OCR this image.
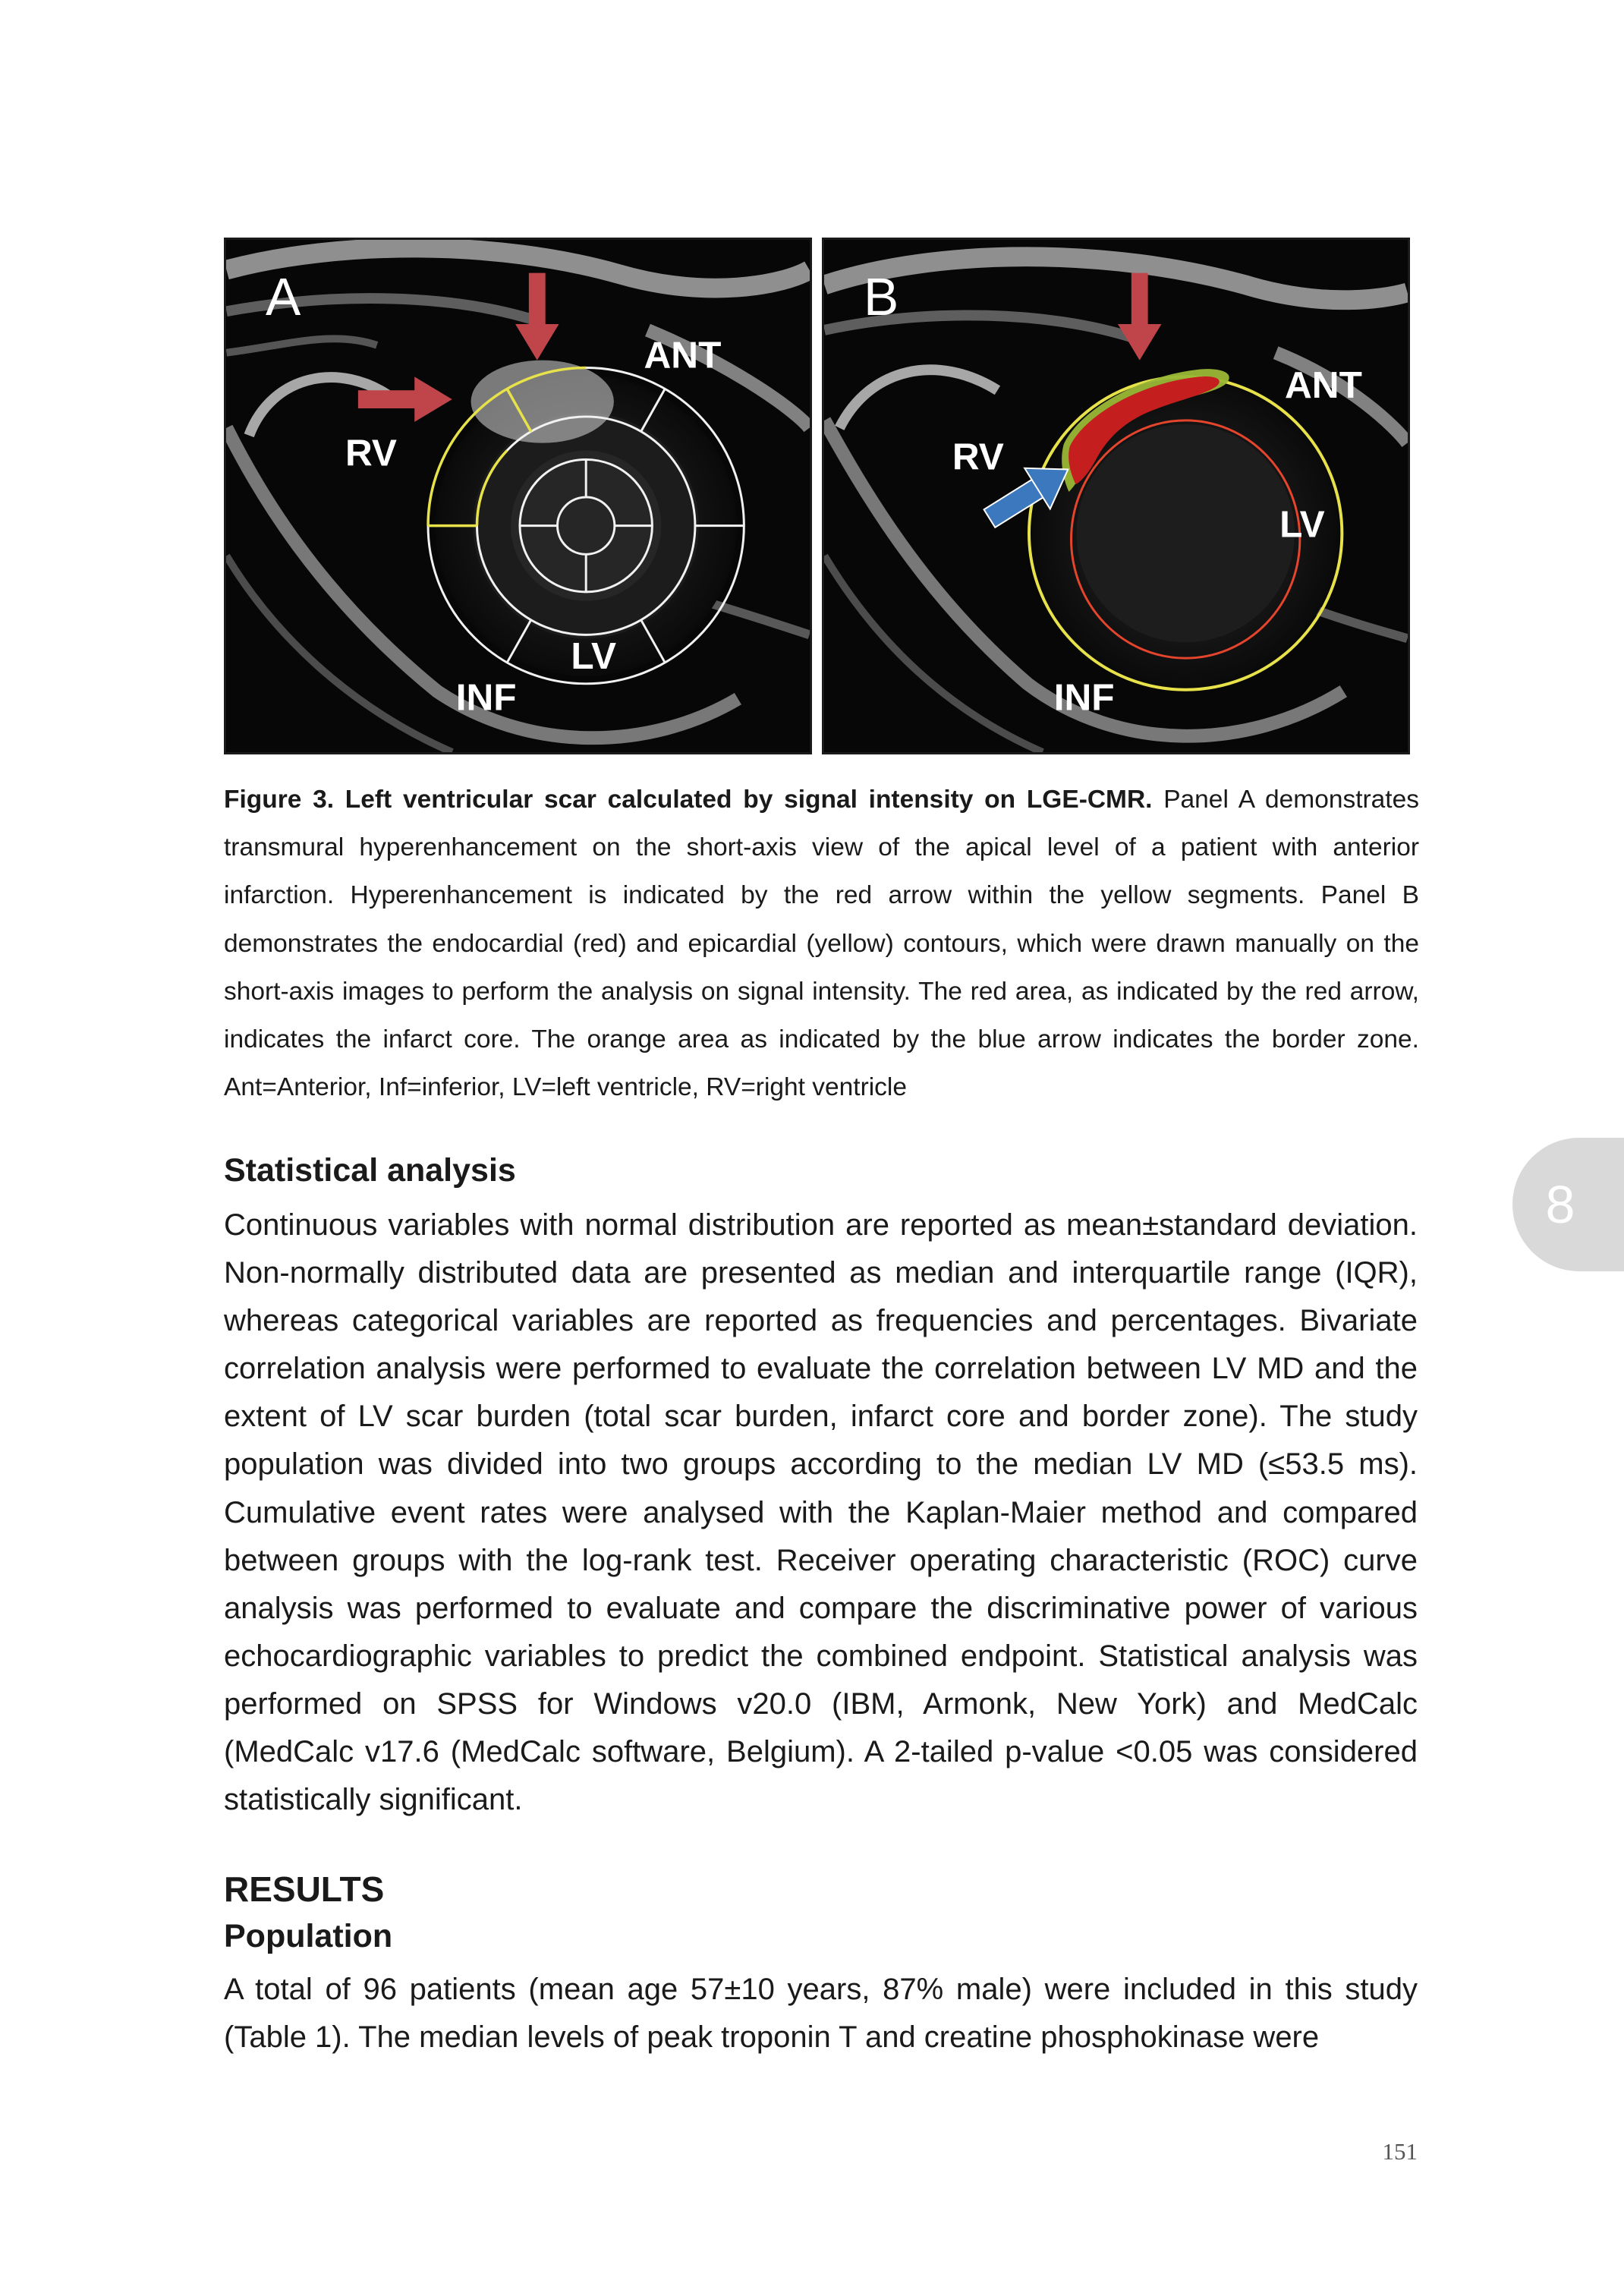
A
ANT
RV
LV
INF
B
ANT
RV
LV
INF
Figure 3. Left ventricular scar calculated by signal intensity on LGE-CMR. Panel A demonstrates transmural hyperenhancement on the short-axis view of the apical level of a patient with anterior infarction. Hyperenhancement is indicated by the red arrow within the yellow segments. Panel B demonstrates the endocardial (red) and epicardial (yellow) contours, which were drawn manually on the short-axis images to perform the analysis on signal intensity. The red area, as indicated by the red arrow, indicates the infarct core. The orange area as indicated by the blue arrow indicates the border zone. Ant=Anterior, Inf=inferior, LV=left ventricle, RV=right ventricle
Statistical analysis
Continuous variables with normal distribution are reported as mean±standard deviation. Non-normally distributed data are presented as median and interquartile range (IQR), whereas categorical variables are reported as frequencies and percentages. Bivariate correlation analysis were performed to evaluate the correlation between LV MD and the extent of LV scar burden (total scar burden, infarct core and border zone). The study population was divided into two groups according to the median LV MD (≤53.5 ms). Cumulative event rates were analysed with the Kaplan-Maier method and compared between groups with the log-rank test. Receiver operating characteristic (ROC) curve analysis was performed to evaluate and compare the discriminative power of various echocardiographic variables to predict the combined endpoint. Statistical analysis was performed on SPSS for Windows v20.0 (IBM, Armonk, New York) and MedCalc (MedCalc v17.6 (MedCalc software, Belgium). A 2-tailed p-value <0.05 was considered statistically significant.
RESULTS
Population
A total of 96 patients (mean age 57±10 years, 87% male) were included in this study (Table 1). The median levels of peak troponin T and creatine phosphokinase were
8
151
